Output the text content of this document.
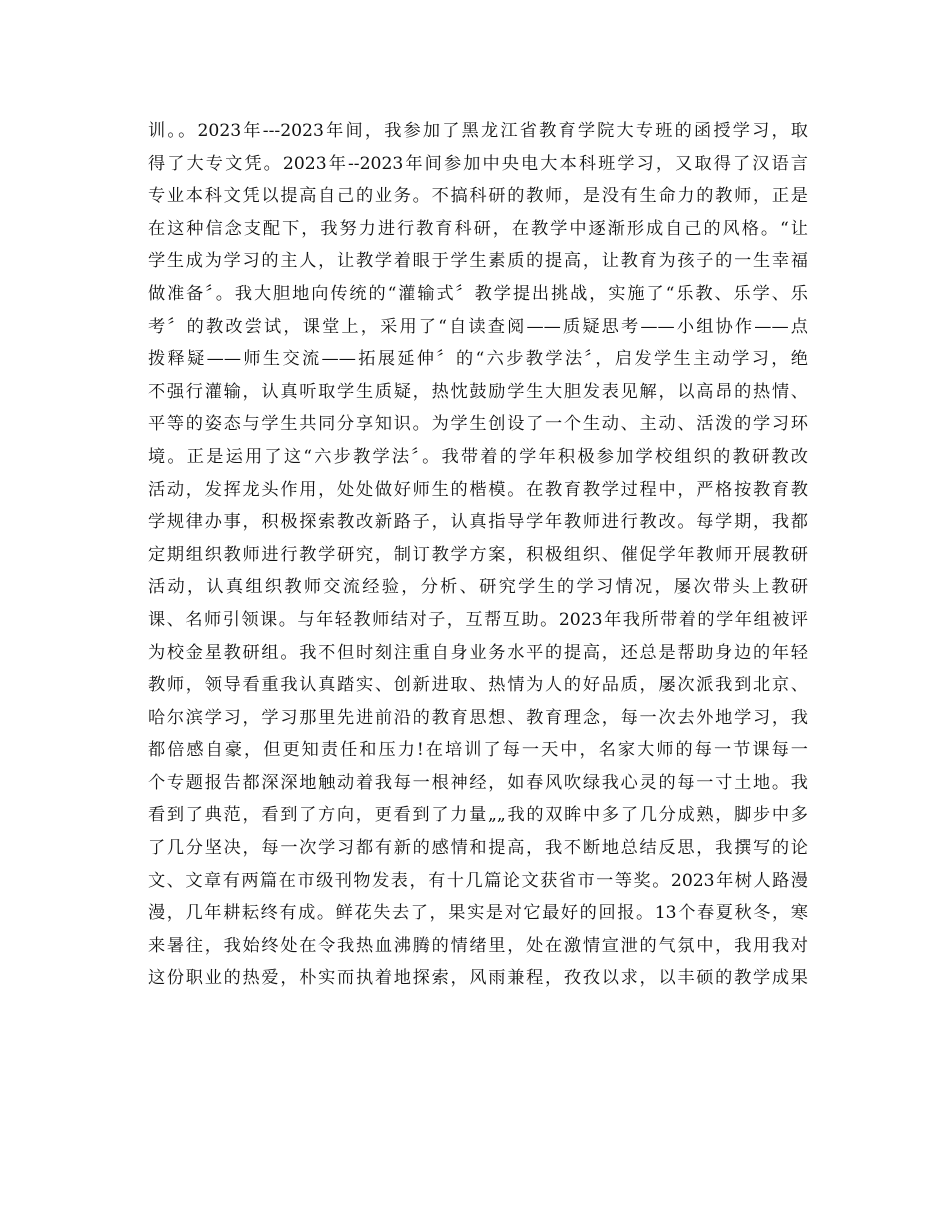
训。。2023年---2023年间，我参加了黑龙江省教育学院大专班的函授学习，取
得了大专文凭。2023年--2023年间参加中央电大本科班学习，又取得了汉语言
专业本科文凭以提高自己的业务。不搞科研的教师，是没有生命力的教师，正是
在这种信念支配下，我努力进行教育科研，在教学中逐渐形成自己的风格。“让
学生成为学习的主人，让教学着眼于学生素质的提高，让教育为孩子的一生幸福
做准备〞。我大胆地向传统的“灌输式〞教学提出挑战，实施了“乐教、乐学、乐
考〞的教改尝试，课堂上，采用了“自读查阅——质疑思考——小组协作——点
拨释疑——师生交流——拓展延伸〞的“六步教学法〞，启发学生主动学习，绝
不强行灌输，认真听取学生质疑，热忱鼓励学生大胆发表见解，以高昂的热情、
平等的姿态与学生共同分享知识。为学生创设了一个生动、主动、活泼的学习环
境。正是运用了这“六步教学法〞。我带着的学年积极参加学校组织的教研教改
活动，发挥龙头作用，处处做好师生的楷模。在教育教学过程中，严格按教育教
学规律办事，积极探索教改新路子，认真指导学年教师进行教改。每学期，我都
定期组织教师进行教学研究，制订教学方案，积极组织、催促学年教师开展教研
活动，认真组织教师交流经验，分析、研究学生的学习情况，屡次带头上教研
课、名师引领课。与年轻教师结对子，互帮互助。2023年我所带着的学年组被评
为校金星教研组。我不但时刻注重自身业务水平的提高，还总是帮助身边的年轻
教师，领导看重我认真踏实、创新进取、热情为人的好品质，屡次派我到北京、
哈尔滨学习，学习那里先进前沿的教育思想、教育理念，每一次去外地学习，我
都倍感自豪，但更知责任和压力!在培训了每一天中，名家大师的每一节课每一
个专题报告都深深地触动着我每一根神经，如春风吹绿我心灵的每一寸土地。我
看到了典范，看到了方向，更看到了力量„„我的双眸中多了几分成熟，脚步中多
了几分坚决，每一次学习都有新的感情和提高，我不断地总结反思，我撰写的论
文、文章有两篇在市级刊物发表，有十几篇论文获省市一等奖。2023年树人路漫
漫，几年耕耘终有成。鲜花失去了，果实是对它最好的回报。13个春夏秋冬，寒
来暑往，我始终处在令我热血沸腾的情绪里，处在激情宣泄的气氛中，我用我对
这份职业的热爱，朴实而执着地探索，风雨兼程，孜孜以求，以丰硕的教学成果
